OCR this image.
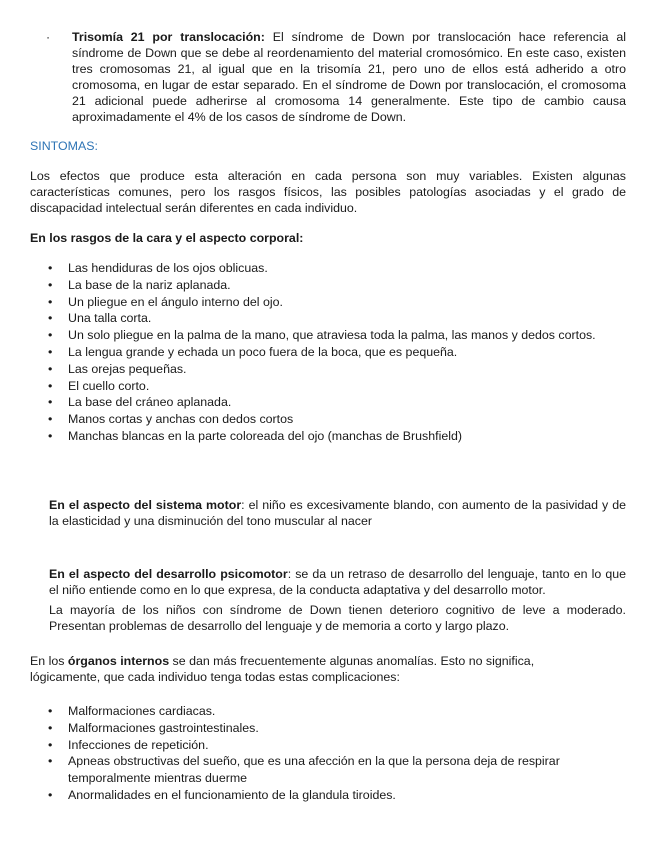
· Trisomía 21 por translocación: El síndrome de Down por translocación hace referencia al síndrome de Down que se debe al reordenamiento del material cromosómico. En este caso, existen tres cromosomas 21, al igual que en la trisomía 21, pero uno de ellos está adherido a otro cromosoma, en lugar de estar separado. En el síndrome de Down por translocación, el cromosoma 21 adicional puede adherirse al cromosoma 14 generalmente. Este tipo de cambio causa aproximadamente el 4% de los casos de síndrome de Down.
SINTOMAS:
Los efectos que produce esta alteración en cada persona son muy variables. Existen algunas características comunes, pero los rasgos físicos, las posibles patologías asociadas y el grado de discapacidad intelectual serán diferentes en cada individuo.
En los rasgos de la cara y el aspecto corporal:
• Las hendiduras de los ojos oblicuas.
• La base de la nariz aplanada.
• Un pliegue en el ángulo interno del ojo.
• Una talla corta.
• Un solo pliegue en la palma de la mano, que atraviesa toda la palma, las manos y dedos cortos.
• La lengua grande y echada un poco fuera de la boca, que es pequeña.
• Las orejas pequeñas.
• El cuello corto.
• La base del cráneo aplanada.
• Manos cortas y anchas con dedos cortos
• Manchas blancas en la parte coloreada del ojo (manchas de Brushfield)
En el aspecto del sistema motor: el niño es excesivamente blando, con aumento de la pasividad y de la elasticidad y una disminución del tono muscular al nacer
En el aspecto del desarrollo psicomotor: se da un retraso de desarrollo del lenguaje, tanto en lo que el niño entiende como en lo que expresa, de la conducta adaptativa y del desarrollo motor.
La mayoría de los niños con síndrome de Down tienen deterioro cognitivo de leve a moderado. Presentan problemas de desarrollo del lenguaje y de memoria a corto y largo plazo.
En los órganos internos se dan más frecuentemente algunas anomalías. Esto no significa, lógicamente, que cada individuo tenga todas estas complicaciones:
• Malformaciones cardiacas.
• Malformaciones gastrointestinales.
• Infecciones de repetición.
• Apneas obstructivas del sueño, que es una afección en la que la persona deja de respirar temporalmente mientras duerme
• Anormalidades en el funcionamiento de la glandula tiroides.
